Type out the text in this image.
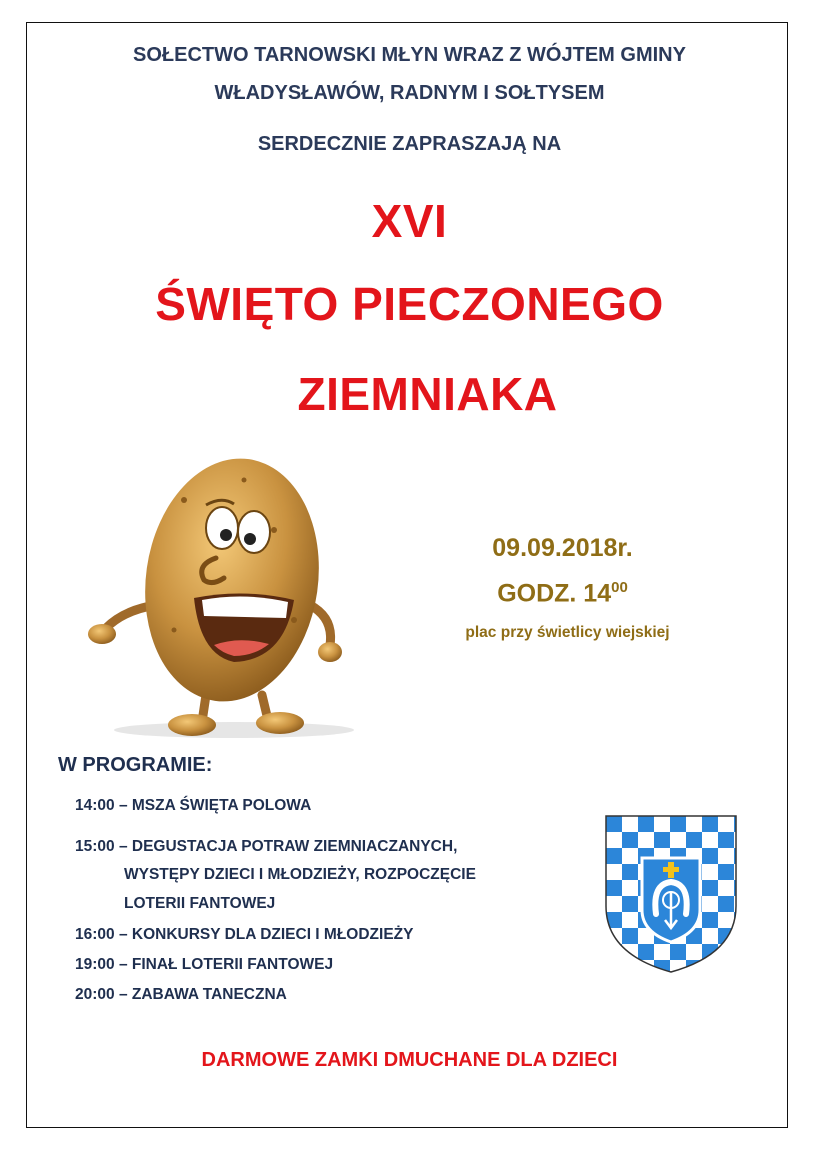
SOŁECTWO TARNOWSKI MŁYN WRAZ Z WÓJTEM GMINY
WŁADYSŁAWÓW, RADNYM I SOŁTYSEM
SERDECZNIE ZAPRASZAJĄ NA
XVI
ŚWIĘTO PIECZONEGO
ZIEMNIAKA
09.09.2018r.
GODZ. $14^{00}$
plac przy świetlicy wiejskiej
W PROGRAMIE:
14:00 – MSZA ŚWIĘTA POLOWA
15:00 – DEGUSTACJA POTRAW ZIEMNIACZANYCH,
WYSTĘPY DZIECI I MŁODZIEŻY, ROZPOCZĘCIE
LOTERII FANTOWEJ
16:00 – KONKURSY DLA DZIECI I MŁODZIEŻY
19:00 – FINAŁ LOTERII FANTOWEJ
20:00 – ZABAWA TANECZNA
DARMOWE ZAMKI DMUCHANE DLA DZIECI
